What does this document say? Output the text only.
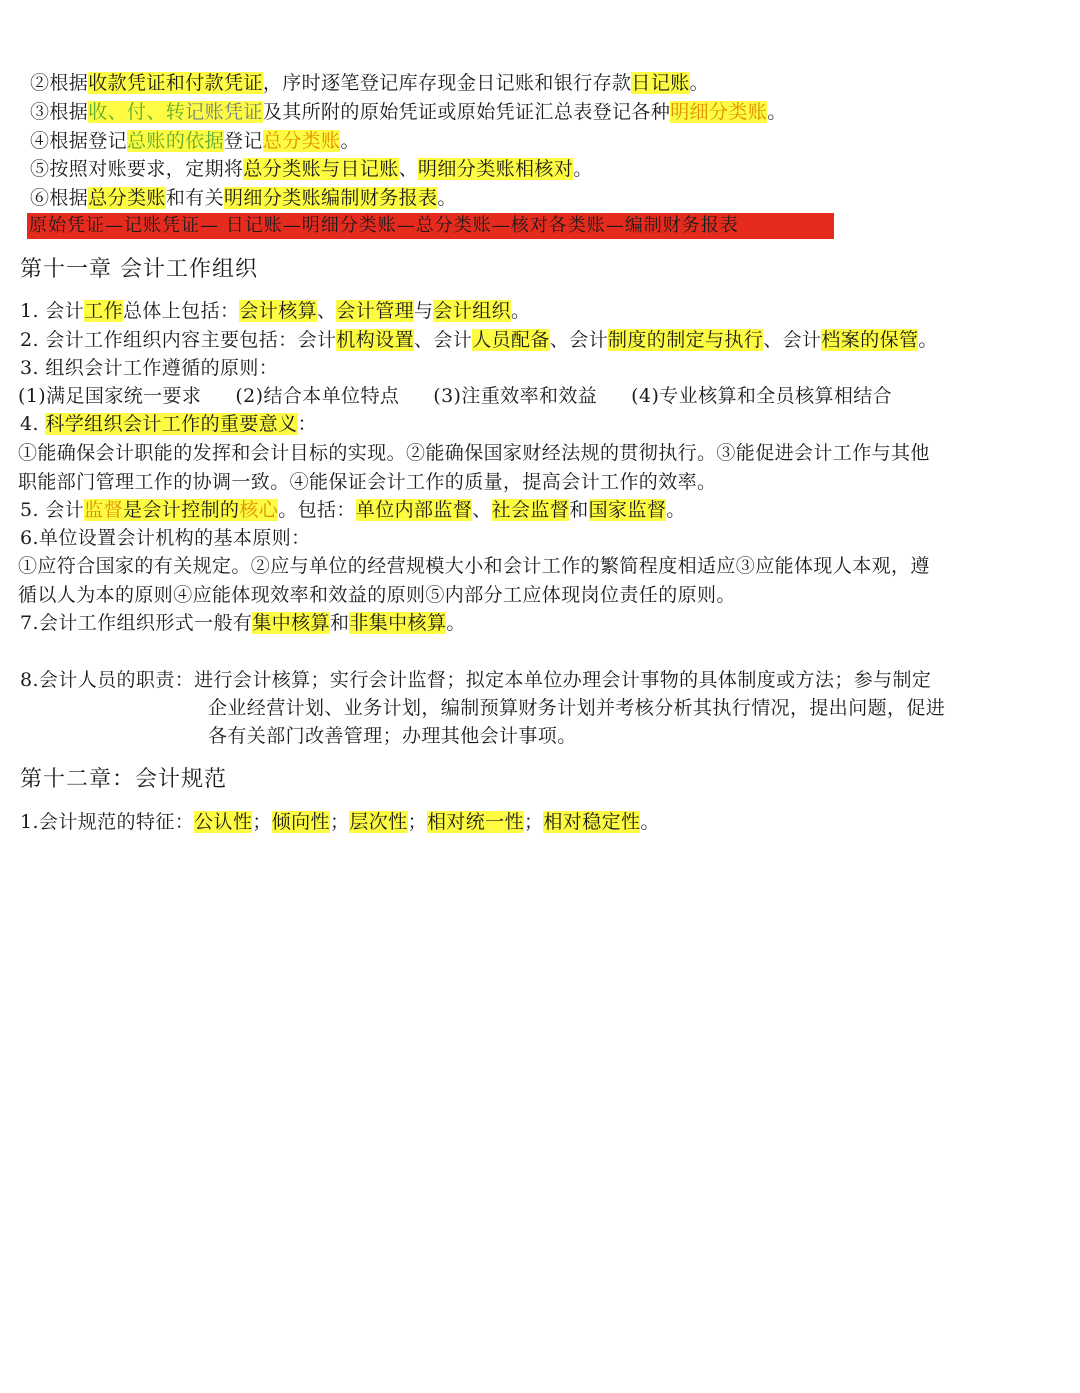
②根据收款凭证和付款凭证，序时逐笔登记库存现金日记账和银行存款日记账。
③根据收、付、转记账凭证及其所附的原始凭证或原始凭证汇总表登记各种明细分类账。
④根据登记总账的依据登记总分类账。
⑤按照对账要求，定期将总分类账与日记账、明细分类账相核对。
⑥根据总分类账和有关明细分类账编制财务报表。
原始凭证—记账凭证— 日记账—明细分类账—总分类账—核对各类账—编制财务报表
第十一章 会计工作组织
1. 会计工作总体上包括：会计核算、会计管理与会计组织。
2. 会计工作组织内容主要包括：会计机构设置、会计人员配备、会计制度的制定与执行、会计档案的保管。
3. 组织会计工作遵循的原则：
(1)满足国家统一要求 (2)结合本单位特点 (3)注重效率和效益 (4)专业核算和全员核算相结合
4. 科学组织会计工作的重要意义：
①能确保会计职能的发挥和会计目标的实现。②能确保国家财经法规的贯彻执行。③能促进会计工作与其他
职能部门管理工作的协调一致。④能保证会计工作的质量，提高会计工作的效率。
5. 会计监督是会计控制的核心。包括：单位内部监督、社会监督和国家监督。
6.单位设置会计机构的基本原则：
①应符合国家的有关规定。②应与单位的经营规模大小和会计工作的繁简程度相适应③应能体现人本观，遵
循以人为本的原则④应能体现效率和效益的原则⑤内部分工应体现岗位责任的原则。
7.会计工作组织形式一般有集中核算和非集中核算。
8.会计人员的职责：进行会计核算；实行会计监督；拟定本单位办理会计事物的具体制度或方法；参与制定
企业经营计划、业务计划，编制预算财务计划并考核分析其执行情况，提出问题，促进
各有关部门改善管理；办理其他会计事项。
第十二章：会计规范
1.会计规范的特征：公认性；倾向性；层次性；相对统一性；相对稳定性。
